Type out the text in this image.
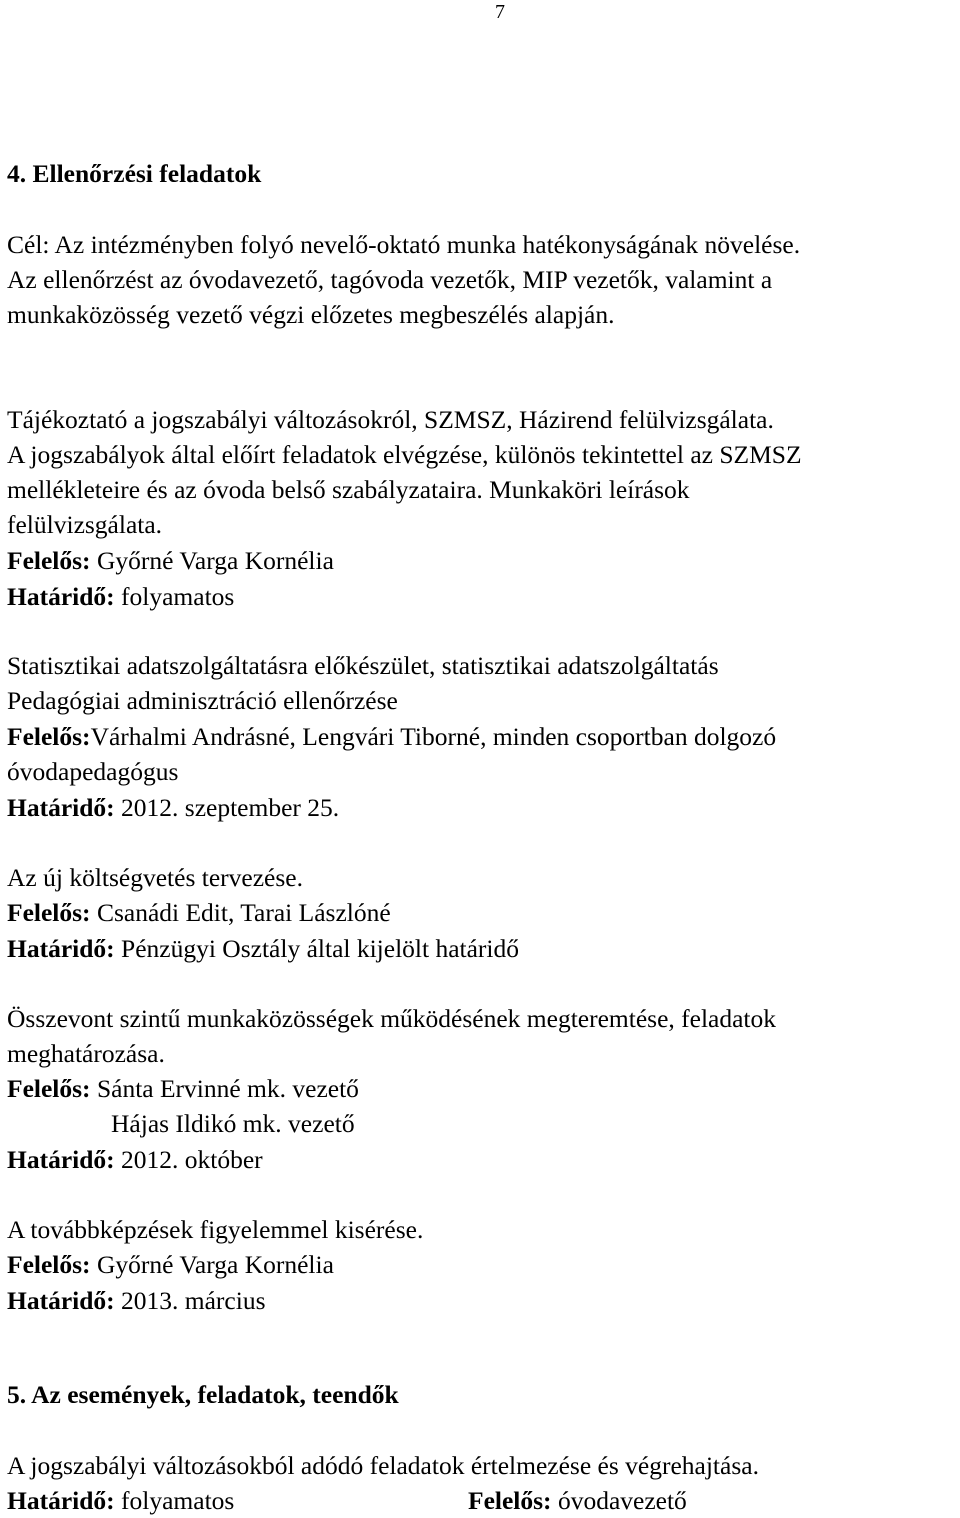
7
4. Ellenőrzési feladatok
Cél: Az intézményben folyó nevelő-oktató munka hatékonyságának növelése.
Az ellenőrzést az óvodavezető, tagóvoda vezetők, MIP vezetők, valamint a
munkaközösség vezető végzi előzetes megbeszélés alapján.
Tájékoztató a jogszabályi változásokról, SZMSZ, Házirend felülvizsgálata.
A jogszabályok által előírt feladatok elvégzése, különös tekintettel az SZMSZ
mellékleteire és az óvoda belső szabályzataira. Munkaköri leírások
felülvizsgálata.
Felelős: Győrné Varga Kornélia
Határidő: folyamatos
Statisztikai adatszolgáltatásra előkészület, statisztikai adatszolgáltatás
Pedagógiai adminisztráció ellenőrzése
Felelős:Várhalmi Andrásné, Lengvári Tiborné, minden csoportban dolgozó
óvodapedagógus
Határidő: 2012. szeptember 25.
Az új költségvetés tervezése.
Felelős: Csanádi Edit, Tarai Lászlóné
Határidő: Pénzügyi Osztály által kijelölt határidő
Összevont szintű munkaközösségek működésének megteremtése, feladatok
meghatározása.
Felelős: Sánta Ervinné mk. vezető
Hájas Ildikó mk. vezető
Határidő: 2012. október
A továbbképzések figyelemmel kisérése.
Felelős: Győrné Varga Kornélia
Határidő: 2013. március
5. Az események, feladatok, teendők
A jogszabályi változásokból adódó feladatok értelmezése és végrehajtása.
Határidő: folyamatos	Felelős: óvodavezető
